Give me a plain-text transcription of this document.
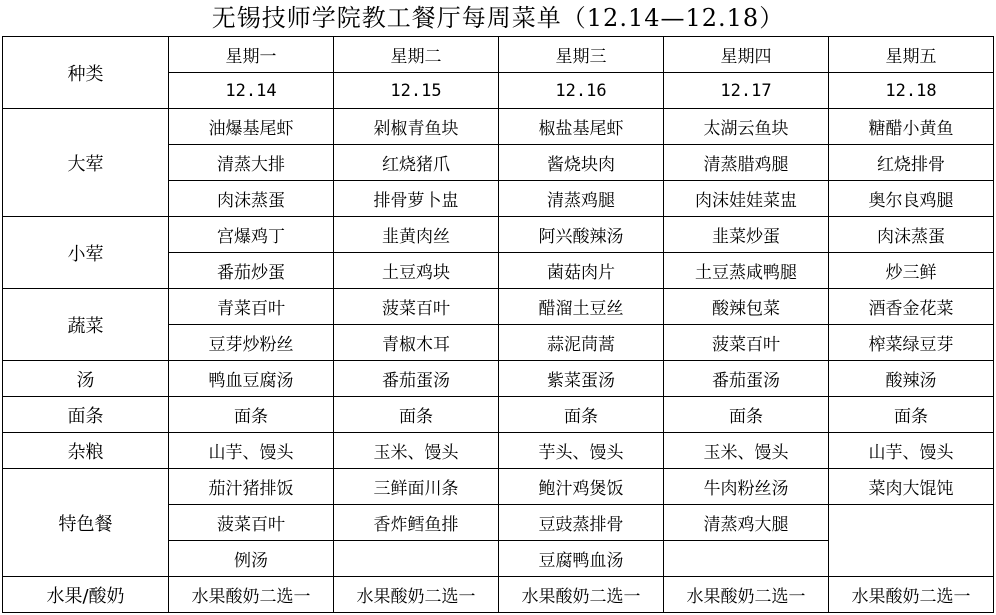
无锡技师学院教工餐厅每周菜单（12.14—12.18）
种类	星期一	星期二	星期三	星期四	星期五
	12.14	12.15	12.16	12.17	12.18
大荤	油爆基尾虾	剁椒青鱼块	椒盐基尾虾	太湖云鱼块	糖醋小黄鱼
	清蒸大排	红烧猪爪	酱烧块肉	清蒸腊鸡腿	红烧排骨
	肉沫蒸蛋	排骨萝卜盅	清蒸鸡腿	肉沫娃娃菜盅	奥尔良鸡腿
小荤	宫爆鸡丁	韭黄肉丝	阿兴酸辣汤	韭菜炒蛋	肉沫蒸蛋
	番茄炒蛋	土豆鸡块	菌菇肉片	土豆蒸咸鸭腿	炒三鲜
蔬菜	青菜百叶	菠菜百叶	醋溜土豆丝	酸辣包菜	酒香金花菜
	豆芽炒粉丝	青椒木耳	蒜泥茼蒿	菠菜百叶	榨菜绿豆芽
汤	鸭血豆腐汤	番茄蛋汤	紫菜蛋汤	番茄蛋汤	酸辣汤
面条	面条	面条	面条	面条	面条
杂粮	山芋、馒头	玉米、馒头	芋头、馒头	玉米、馒头	山芋、馒头
特色餐	茄汁猪排饭	三鲜面川条	鲍汁鸡煲饭	牛肉粉丝汤	菜肉大馄饨
	菠菜百叶	香炸鳕鱼排	豆豉蒸排骨	清蒸鸡大腿	
	例汤		豆腐鸭血汤		
水果/酸奶	水果酸奶二选一	水果酸奶二选一	水果酸奶二选一	水果酸奶二选一	水果酸奶二选一
